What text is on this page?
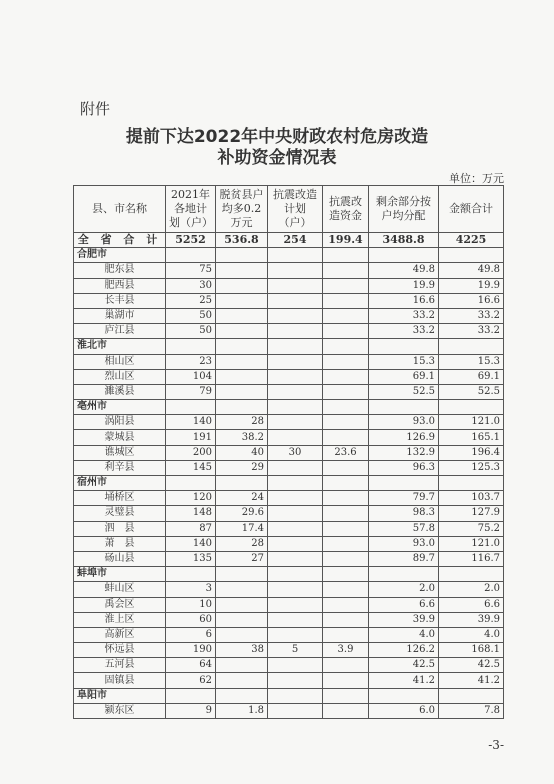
附件
提前下达2022年中央财政农村危房改造
补助资金情况表
单位：万元
县、市名称	2021年各地计划（户）	脱贫县户均多0.2万元	抗震改造计划（户）	抗震改造资金	剩余部分按户均分配	金额合计
全 省 合 计	5252	536.8	254	199.4	3488.8	4225
合肥市						
肥东县	75				49.8	49.8
肥西县	30				19.9	19.9
长丰县	25				16.6	16.6
巢湖市	50				33.2	33.2
庐江县	50				33.2	33.2
淮北市						
相山区	23				15.3	15.3
烈山区	104				69.1	69.1
濉溪县	79				52.5	52.5
亳州市						
涡阳县	140	28			93.0	121.0
蒙城县	191	38.2			126.9	165.1
谯城区	200	40	30	23.6	132.9	196.4
利辛县	145	29			96.3	125.3
宿州市						
埇桥区	120	24			79.7	103.7
灵璧县	148	29.6			98.3	127.9
泗　县	87	17.4			57.8	75.2
萧　县	140	28			93.0	121.0
砀山县	135	27			89.7	116.7
蚌埠市						
蚌山区	3				2.0	2.0
禹会区	10				6.6	6.6
淮上区	60				39.9	39.9
高新区	6				4.0	4.0
怀远县	190	38	5	3.9	126.2	168.1
五河县	64				42.5	42.5
固镇县	62				41.2	41.2
阜阳市						
颍东区	9	1.8			6.0	7.8
-3-
